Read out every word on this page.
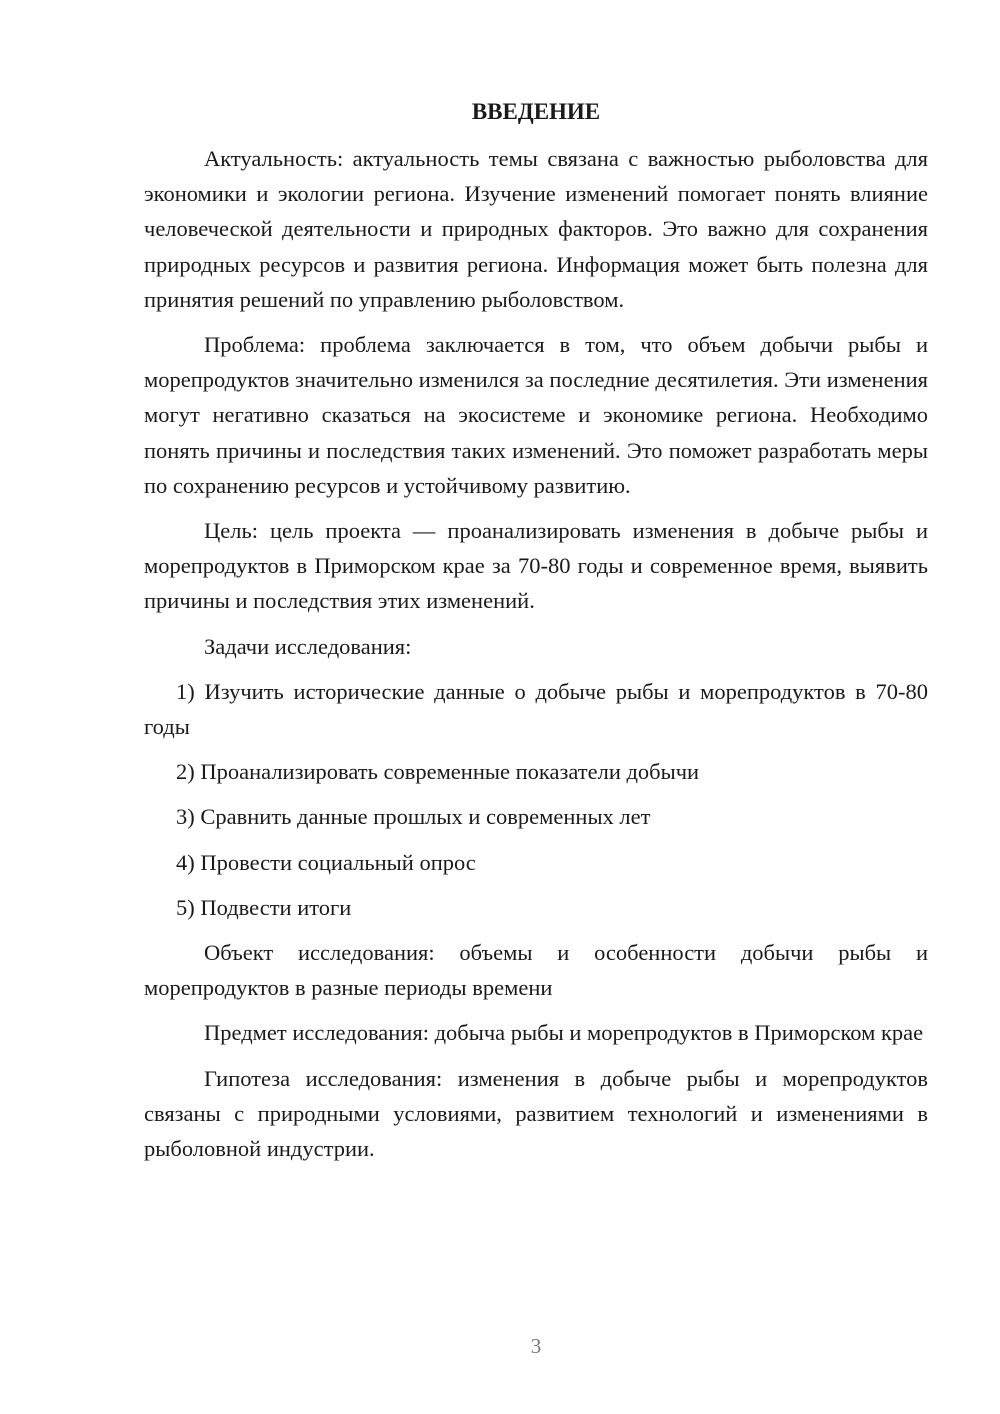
ВВЕДЕНИЕ

Актуальность: актуальность темы связана с важностью рыболовства для экономики и экологии региона. Изучение изменений помогает понять влияние человеческой деятельности и природных факторов. Это важно для сохранения природных ресурсов и развития региона. Информация может быть полезна для принятия решений по управлению рыболовством.

Проблема: проблема заключается в том, что объем добычи рыбы и морепродуктов значительно изменился за последние десятилетия. Эти изменения могут негативно сказаться на экосистеме и экономике региона. Необходимо понять причины и последствия таких изменений. Это поможет разработать меры по сохранению ресурсов и устойчивому развитию.

Цель: цель проекта — проанализировать изменения в добыче рыбы и морепродуктов в Приморском крае за 70-80 годы и современное время, выявить причины и последствия этих изменений.

Задачи исследования:

1) Изучить исторические данные о добыче рыбы и морепродуктов в 70-80 годы

2) Проанализировать современные показатели добычи

3) Сравнить данные прошлых и современных лет

4) Провести социальный опрос

5) Подвести итоги

Объект исследования: объемы и особенности добычи рыбы и морепродуктов в разные периоды времени

Предмет исследования: добыча рыбы и морепродуктов в Приморском крае

Гипотеза исследования: изменения в добыче рыбы и морепродуктов связаны с природными условиями, развитием технологий и изменениями в рыболовной индустрии.

3
